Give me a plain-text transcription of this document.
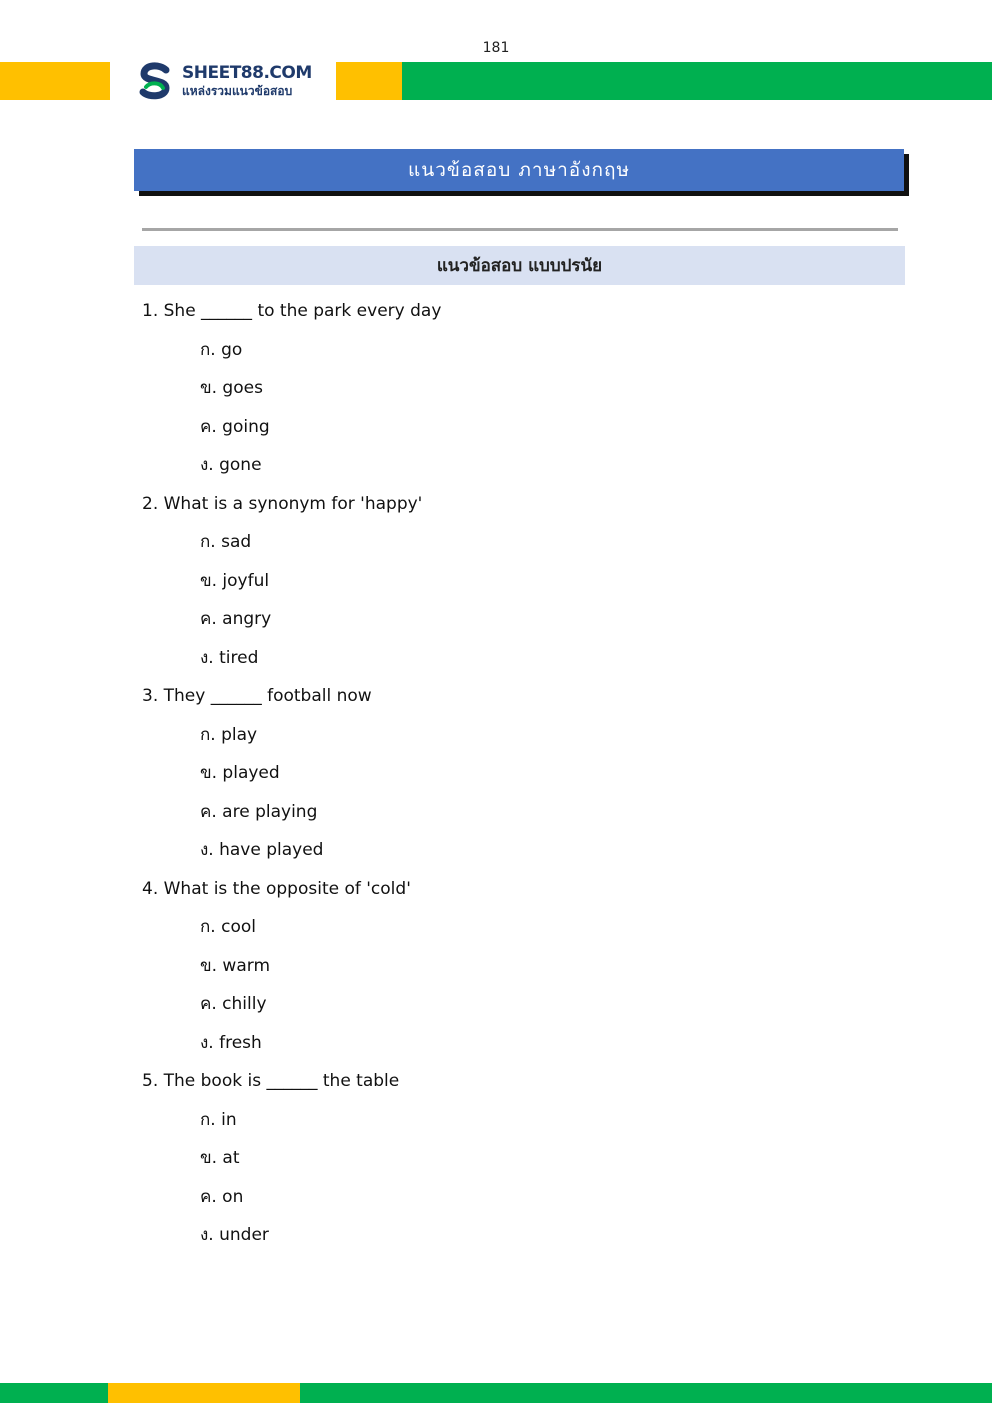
181
SHEET88.COM
แหล่งรวมแนวข้อสอบ
แนวข้อสอบ ภาษาอังกฤษ
แนวข้อสอบ แบบปรนัย
1. She ______ to the park every day
ก. go
ข. goes
ค. going
ง. gone
2. What is a synonym for 'happy'
ก. sad
ข. joyful
ค. angry
ง. tired
3. They ______ football now
ก. play
ข. played
ค. are playing
ง. have played
4. What is the opposite of 'cold'
ก. cool
ข. warm
ค. chilly
ง. fresh
5. The book is ______ the table
ก. in
ข. at
ค. on
ง. under
